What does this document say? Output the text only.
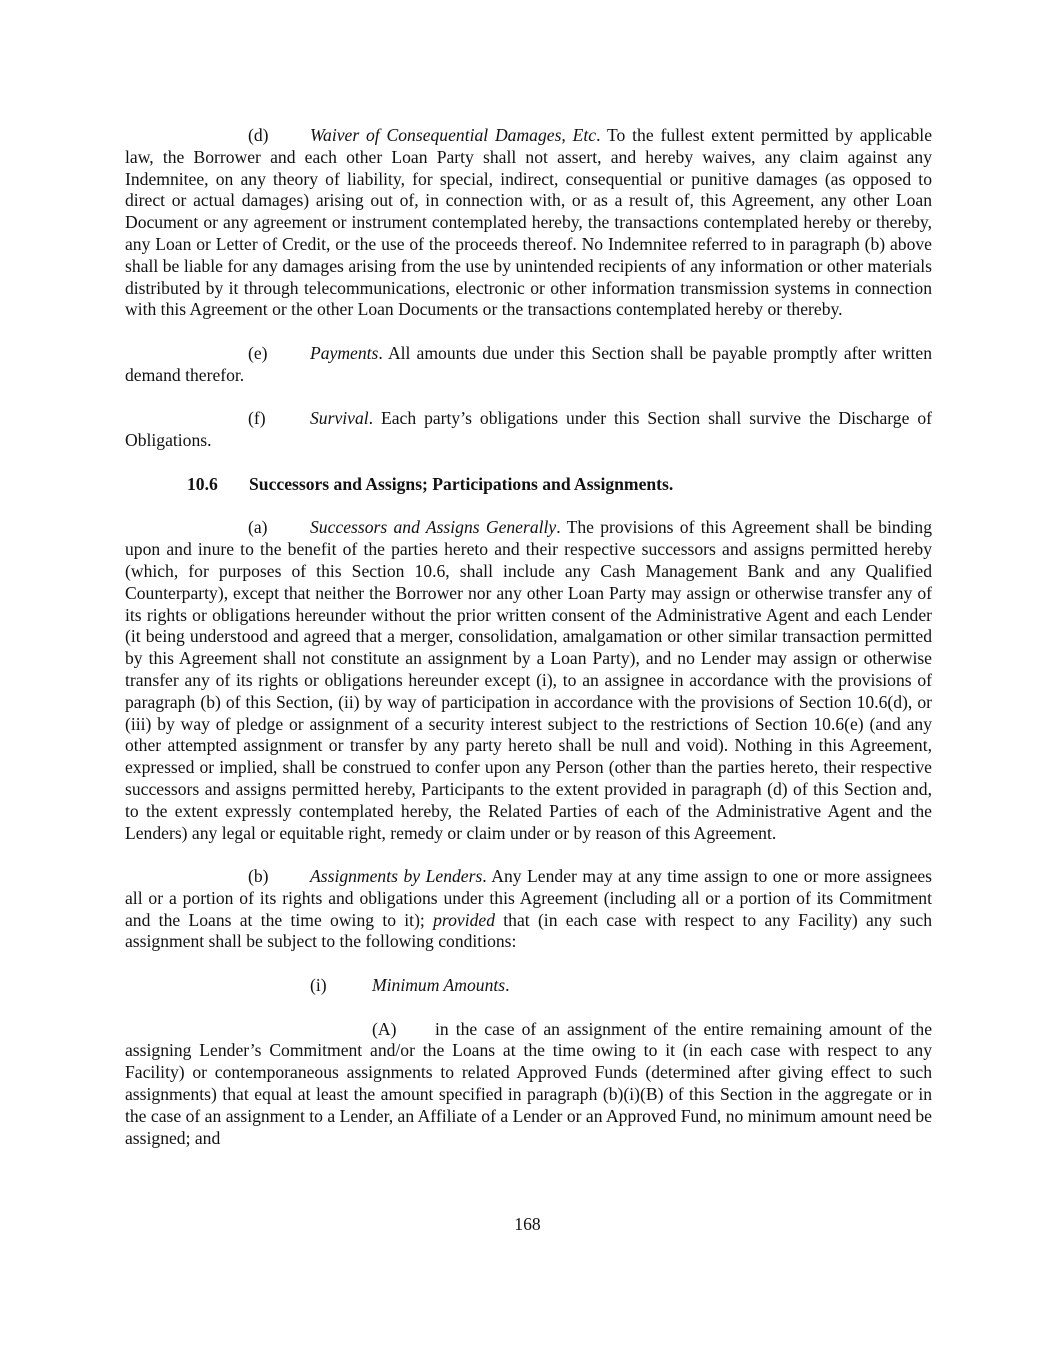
(d) Waiver of Consequential Damages, Etc. To the fullest extent permitted by applicable law, the Borrower and each other Loan Party shall not assert, and hereby waives, any claim against any Indemnitee, on any theory of liability, for special, indirect, consequential or punitive damages (as opposed to direct or actual damages) arising out of, in connection with, or as a result of, this Agreement, any other Loan Document or any agreement or instrument contemplated hereby, the transactions contemplated hereby or thereby, any Loan or Letter of Credit, or the use of the proceeds thereof. No Indemnitee referred to in paragraph (b) above shall be liable for any damages arising from the use by unintended recipients of any information or other materials distributed by it through telecommunications, electronic or other information transmission systems in connection with this Agreement or the other Loan Documents or the transactions contemplated hereby or thereby.

(e) Payments. All amounts due under this Section shall be payable promptly after written demand therefor.

(f)	Survival. Each party’s obligations under this Section shall survive the Discharge of Obligations.

10.6 Successors and Assigns; Participations and Assignments.

(a) Successors and Assigns Generally. The provisions of this Agreement shall be binding upon and inure to the benefit of the parties hereto and their respective successors and assigns permitted hereby (which, for purposes of this Section 10.6, shall include any Cash Management Bank and any Qualified Counterparty), except that neither the Borrower nor any other Loan Party may assign or otherwise transfer any of its rights or obligations hereunder without the prior written consent of the Administrative Agent and each Lender (it being understood and agreed that a merger, consolidation, amalgamation or other similar transaction permitted by this Agreement shall not constitute an assignment by a Loan Party), and no Lender may assign or otherwise transfer any of its rights or obligations hereunder except (i), to an assignee in accordance with the provisions of paragraph (b) of this Section, (ii) by way of participation in accordance with the provisions of Section 10.6(d), or (iii) by way of pledge or assignment of a security interest subject to the restrictions of Section 10.6(e) (and any other attempted assignment or transfer by any party hereto shall be null and void). Nothing in this Agreement, expressed or implied, shall be construed to confer upon any Person (other than the parties hereto, their respective successors and assigns permitted hereby, Participants to the extent provided in paragraph (d) of this Section and, to the extent expressly contemplated hereby, the Related Parties of each of the Administrative Agent and the Lenders) any legal or equitable right, remedy or claim under or by reason of this Agreement.

(b) Assignments by Lenders. Any Lender may at any time assign to one or more assignees all or a portion of its rights and obligations under this Agreement (including all or a portion of its Commitment and the Loans at the time owing to it); provided that (in each case with respect to any Facility) any such assignment shall be subject to the following conditions:

(i)	Minimum Amounts.

(A) in the case of an assignment of the entire remaining amount of the assigning Lender’s Commitment and/or the Loans at the time owing to it (in each case with respect to any Facility) or contemporaneous assignments to related Approved Funds (determined after giving effect to such assignments) that equal at least the amount specified in paragraph (b)(i)(B) of this Section in the aggregate or in the case of an assignment to a Lender, an Affiliate of a Lender or an Approved Fund, no minimum amount need be assigned; and

168
